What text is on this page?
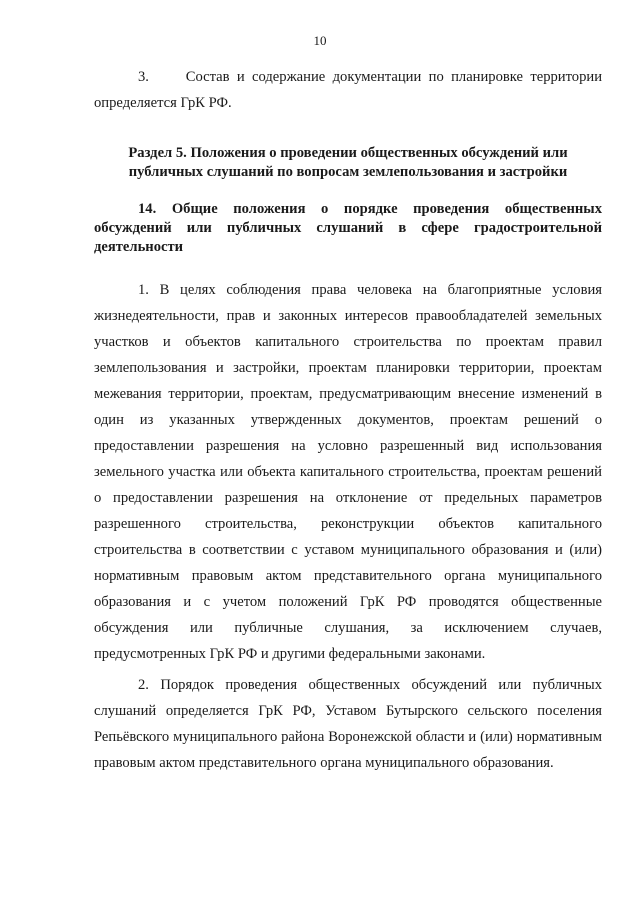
10

3.     Состав и содержание документации по планировке территории определяется ГрК РФ.

Раздел 5. Положения о проведении общественных обсуждений или публичных слушаний по вопросам землепользования и застройки

14. Общие положения о порядке проведения общественных обсуждений или публичных слушаний в сфере градостроительной деятельности

1. В целях соблюдения права человека на благоприятные условия жизнедеятельности, прав и законных интересов правообладателей земельных участков и объектов капитального строительства по проектам правил землепользования и застройки, проектам планировки территории, проектам межевания территории, проектам, предусматривающим внесение изменений в один из указанных утвержденных документов, проектам решений о предоставлении разрешения на условно разрешенный вид использования земельного участка или объекта капитального строительства, проектам решений о предоставлении разрешения на отклонение от предельных параметров разрешенного строительства, реконструкции объектов капитального строительства в соответствии с уставом муниципального образования и (или) нормативным правовым актом представительного органа муниципального образования и с учетом положений ГрК РФ проводятся общественные обсуждения или публичные слушания, за исключением случаев, предусмотренных ГрК РФ и другими федеральными законами.

2. Порядок проведения общественных обсуждений или публичных слушаний определяется ГрК РФ, Уставом Бутырского сельского поселения Репьёвского муниципального района Воронежской области и (или) нормативным правовым актом представительного органа муниципального образования.
